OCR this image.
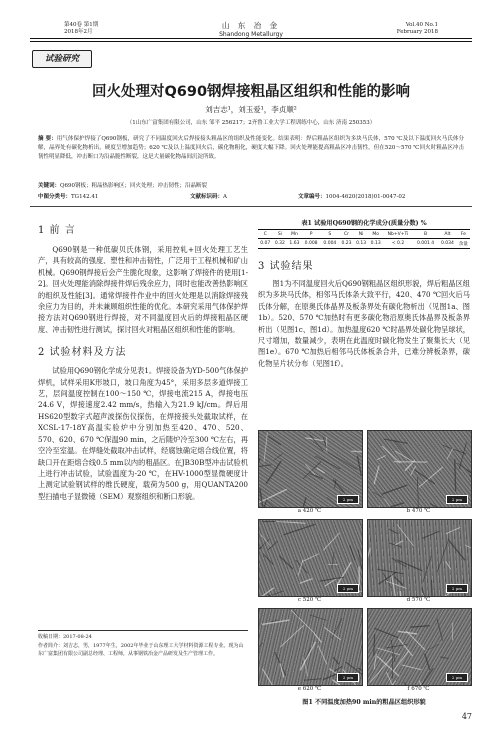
第40卷 第1期
2018年2月
山 东 冶 金
Shandong Metallurgy
Vol.40 No.1
February 2018
试验研究
回火处理对Q690钢焊接粗晶区组织和性能的影响
刘吉志¹，刘玉爱¹，李贞顺²
（1山东广富集团有限公司，山东 邹平 256217；2齐鲁工业大学工程训练中心，山东 济南 250353）
摘 要：用气体保护焊接了Q690钢板，研究了不同温度回火后焊接接头粗晶区的组织及性能变化。结果表明：焊后粗晶区组织为多块马氏体，570 ℃及以下温度回火马氏体分解，晶界处有碳化物析出，硬度呈增加趋势；620 ℃及以上温度回火后，碳化物粗化，硬度大幅下降。回火处理能提高粗晶区冲击韧性，但在520～570 ℃回火时粗晶区冲击韧性明显降低，冲击断口为沿晶脆性断裂，这是大量碳化物晶间沉淀所致。
关键词：Q690钢板；粗晶热影响区；回火处理；冲击韧性；沿晶断裂
中图分类号：TG142.41	文献标识码：A	文章编号：1004-4620(2018)01-0047-02
1 前 言

Q690钢是一种低碳贝氏体钢，采用控轧+回火处理工艺生产，具有较高的强度、塑性和冲击韧性，广泛用于工程机械和矿山机械。Q690钢焊接后会产生脆化现象，这影响了焊接件的使用[1-2]。回火处理能消除焊接件焊后残余应力，同时也能改善热影响区的组织及性能[3]。通常焊接件作业中的回火处理是以消除焊接残余应力为目的，并未兼顾组织性能的优化。本研究采用气体保护焊接方法对Q690钢进行焊接，对不同温度回火后的焊接粗晶区硬度、冲击韧性进行测试，探讨回火对粗晶区组织和性能的影响。

2 试验材料及方法

试验用Q690钢化学成分见表1。焊接设备为YD-500气体保护焊机，试样采用K形坡口，坡口角度为45°，采用多层多道焊接工艺，层间温度控制在100～150 ℃，焊接电流215 A，焊接电压24.6 V，焊接速度2.42 mm/s，热输入为21.9 kJ/cm。焊后用HS620型数字式超声波探伤仪探伤，在焊接接头处截取试样，在XCSL-17-18Y高温实验炉中分别加热至420、470、520、570、620、670 ℃保温90 min，之后随炉冷至300 ℃左右，再空冷至室温。在焊缝处截取冲击试样，经腐蚀确定熔合线位置，将缺口开在距熔合线0.5 mm以内的粗晶区。在JB30B型冲击试验机上进行冲击试验，试验温度为-20 ℃，在HV-1000型显微硬度计上测定试验钢试样的维氏硬度，载荷为500 g，用QUANTA200型扫描电子显微镜（SEM）观察组织和断口形貌。

收稿日期：2017-08-24
作者简介：刘吉志，男，1977年生，2002年毕业于山东理工大学材料资源工程专业。现为山东广富集团有限公司副总经理、工程师，从事钢铁冶金产品研发及生产管理工作。
表1 试验用Q690钢的化学成分(质量分数) %
C	Si	Mn	P	S	Cr	Ni	Mo	Nb+V+Ti	B	Alt	Fe
0.07	0.32	1.63	0.008	0.004	0.23	0.13	0.13	< 0.2	0.001 4	0.034	余量
3 试验结果

图1为不同温度回火后Q690钢粗晶区组织形貌，焊后粗晶区组织为多块马氏体，相邻马氏体条大致平行，420、470 ℃回火后马氏体分解，在原奥氏体晶界及板条界处有碳化物析出（见图1a、图1b）。520、570 ℃加热时有更多碳化物沿原奥氏体晶界及板条界析出（见图1c、图1d）。加热温度620 ℃时晶界处碳化物呈球状，尺寸增加，数量减少，表明在此温度时碳化物发生了聚集长大（见图1e）。670 ℃加热后相邻马氏体板条合并，已难分辨板条界，碳化物呈片状分布（见图1f）。

2 μm
a 420 ℃
2 μm
b 470 ℃
2 μm
c 520 ℃
2 μm
d 570 ℃
2 μm
e 620 ℃
2 μm
f 670 ℃
图1 不同温度加热90 min的粗晶区组织形貌
47
